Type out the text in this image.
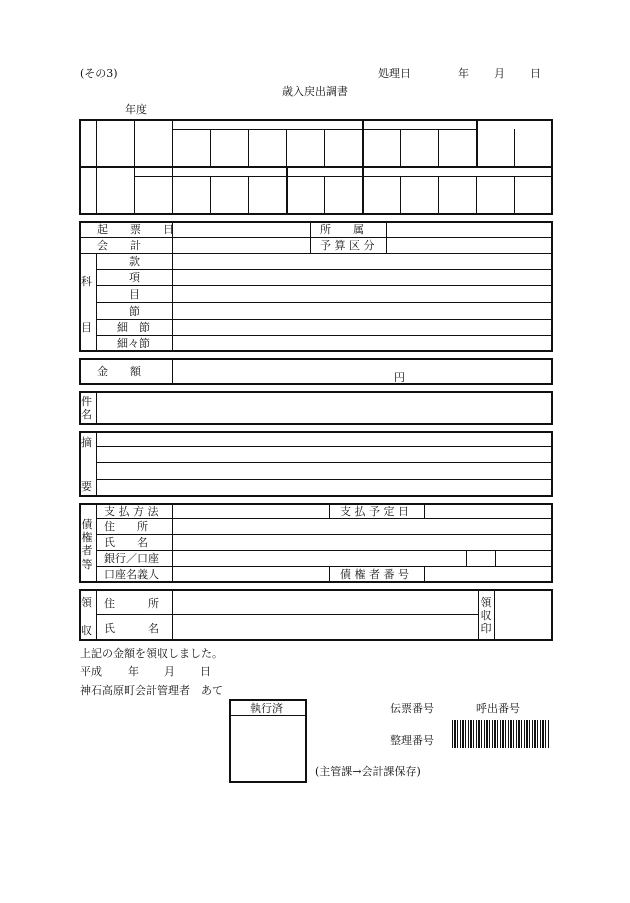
(その3)	処理日	年 月 日
歳入戻出調書
年度
起　票　日	所　　属
会　　計	予 算 区 分
科
目
款
項
目
節
細　節
細々節
金　　額	円
件
名
摘
要
債
権
者
等
支 払 方 法	支 払 予 定 日
住　　所
氏　　名
銀行／口座
口座名義人	債 権 者 番 号
領
収
住　　　所
氏　　　名
領
収
印
上記の金額を領収しました。
平成 年 月 日
神石高原町会計管理者　あて
執行済	伝票番号	呼出番号
整理番号
(主管課→会計課保存)
